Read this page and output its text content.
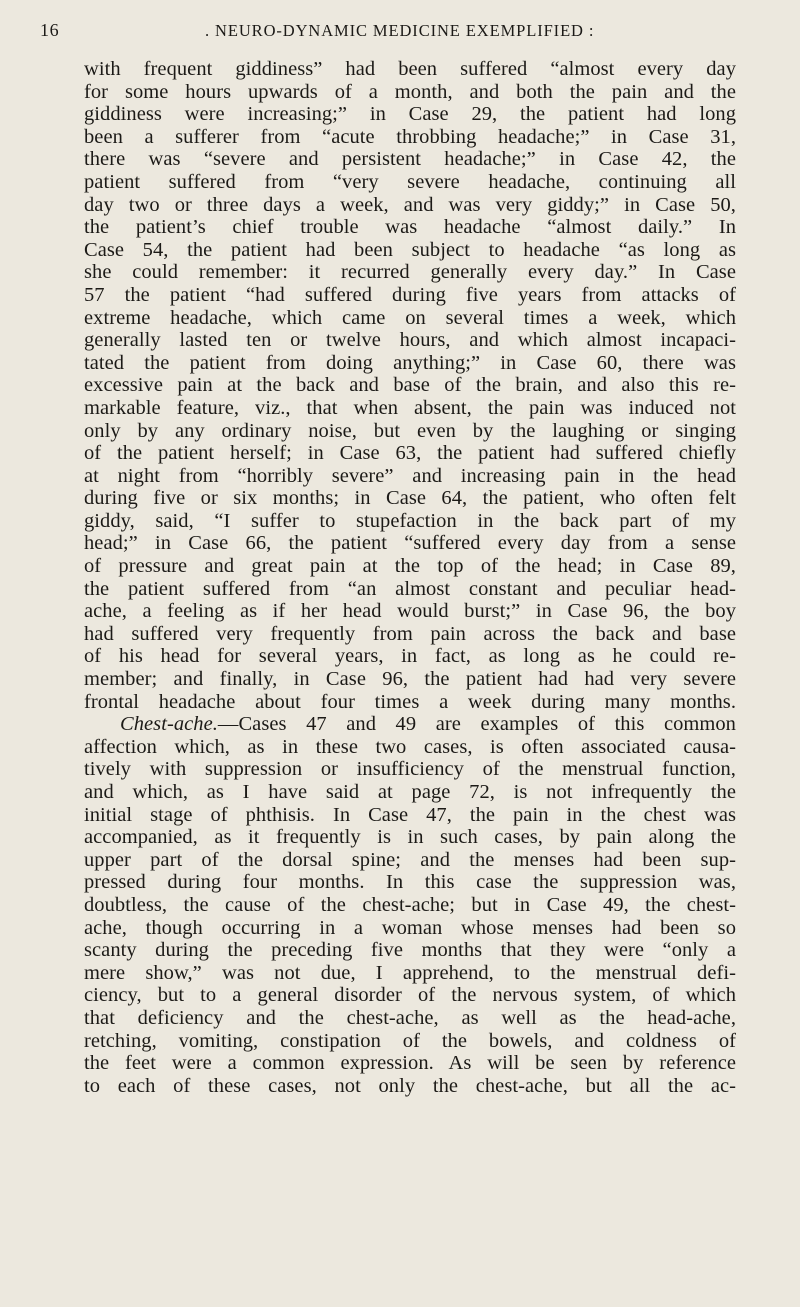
16	. NEURO-DYNAMIC MEDICINE EXEMPLIFIED :
with frequent giddiness” had been suffered “almost every day
for some hours upwards of a month, and both the pain and the
giddiness were increasing;” in Case 29, the patient had long
been a sufferer from “acute throbbing headache;” in Case 31,
there was “severe and persistent headache;” in Case 42, the
patient suffered from “very severe headache, continuing all
day two or three days a week, and was very giddy;” in Case 50,
the patient’s chief trouble was headache “almost daily.” In
Case 54, the patient had been subject to headache “as long as
she could remember: it recurred generally every day.” In Case
57 the patient “had suffered during five years from attacks of
extreme headache, which came on several times a week, which
generally lasted ten or twelve hours, and which almost incapaci-
tated the patient from doing anything;” in Case 60, there was
excessive pain at the back and base of the brain, and also this re-
markable feature, viz., that when absent, the pain was induced not
only by any ordinary noise, but even by the laughing or singing
of the patient herself; in Case 63, the patient had suffered chiefly
at night from “horribly severe” and increasing pain in the head
during five or six months; in Case 64, the patient, who often felt
giddy, said, “I suffer to stupefaction in the back part of my
head;” in Case 66, the patient “suffered every day from a sense
of pressure and great pain at the top of the head; in Case 89,
the patient suffered from “an almost constant and peculiar head-
ache, a feeling as if her head would burst;” in Case 96, the boy
had suffered very frequently from pain across the back and base
of his head for several years, in fact, as long as he could re-
member; and finally, in Case 96, the patient had had very severe
frontal headache about four times a week during many months.
Chest-ache.—Cases 47 and 49 are examples of this common
affection which, as in these two cases, is often associated causa-
tively with suppression or insufficiency of the menstrual function,
and which, as I have said at page 72, is not infrequently the
initial stage of phthisis. In Case 47, the pain in the chest was
accompanied, as it frequently is in such cases, by pain along the
upper part of the dorsal spine; and the menses had been sup-
pressed during four months. In this case the suppression was,
doubtless, the cause of the chest-ache; but in Case 49, the chest-
ache, though occurring in a woman whose menses had been so
scanty during the preceding five months that they were “only a
mere show,” was not due, I apprehend, to the menstrual defi-
ciency, but to a general disorder of the nervous system, of which
that deficiency and the chest-ache, as well as the head-ache,
retching, vomiting, constipation of the bowels, and coldness of
the feet were a common expression. As will be seen by reference
to each of these cases, not only the chest-ache, but all the ac-
